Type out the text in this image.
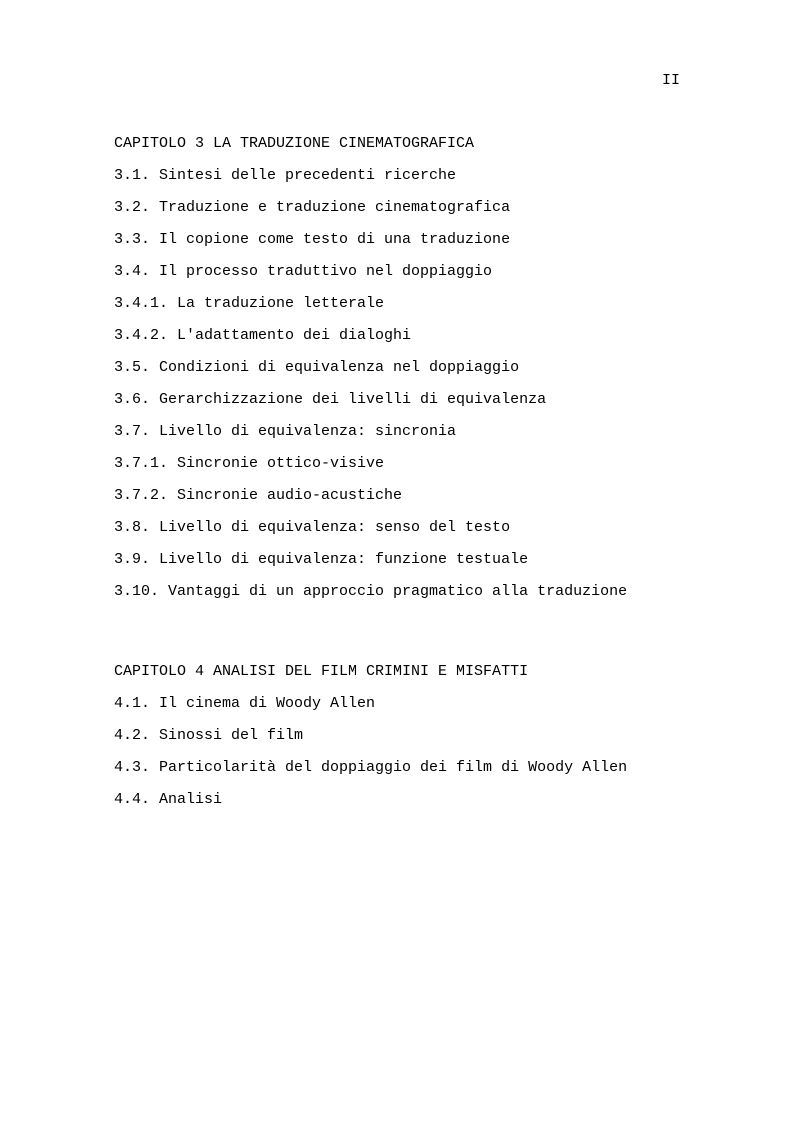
II
CAPITOLO 3 LA TRADUZIONE CINEMATOGRAFICA
3.1. Sintesi delle precedenti ricerche
3.2. Traduzione e traduzione cinematografica
3.3. Il copione come testo di una traduzione
3.4. Il processo traduttivo nel doppiaggio
3.4.1. La traduzione letterale
3.4.2. L'adattamento dei dialoghi
3.5. Condizioni di equivalenza nel doppiaggio
3.6. Gerarchizzazione dei livelli di equivalenza
3.7. Livello di equivalenza: sincronia
3.7.1. Sincronie ottico-visive
3.7.2. Sincronie audio-acustiche
3.8. Livello di equivalenza: senso del testo
3.9. Livello di equivalenza: funzione testuale
3.10. Vantaggi di un approccio pragmatico alla traduzione
CAPITOLO 4 ANALISI DEL FILM CRIMINI E MISFATTI
4.1. Il cinema di Woody Allen
4.2. Sinossi del film
4.3. Particolarità del doppiaggio dei film di Woody Allen
4.4. Analisi
